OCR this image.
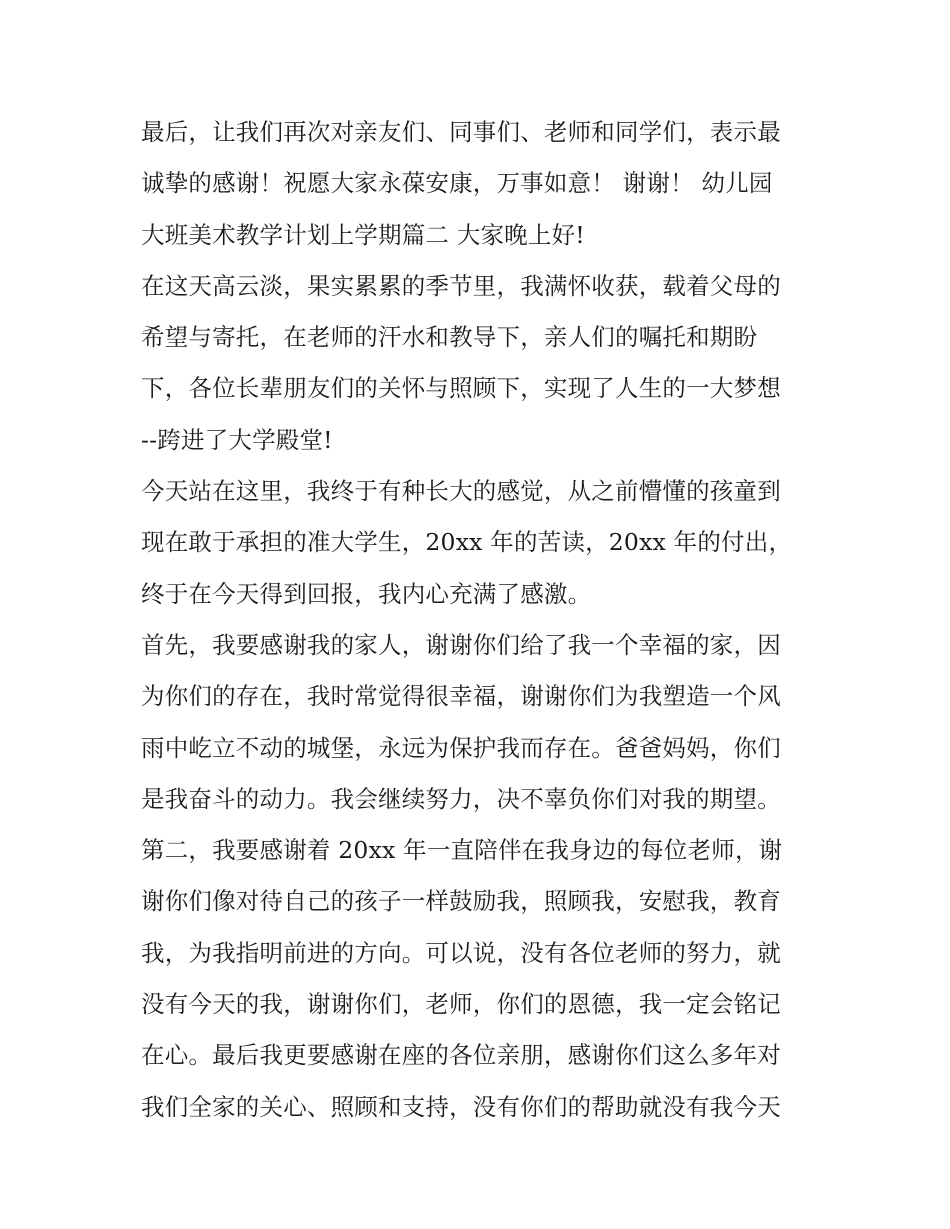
最后，让我们再次对亲友们、同事们、老师和同学们，表示最
诚挚的感谢！祝愿大家永葆安康，万事如意！ 谢谢！ 幼儿园
大班美术教学计划上学期篇二 大家晚上好!
在这天高云淡，果实累累的季节里，我满怀收获，载着父母的
希望与寄托，在老师的汗水和教导下，亲人们的嘱托和期盼
下，各位长辈朋友们的关怀与照顾下，实现了人生的一大梦想
--跨进了大学殿堂!
今天站在这里，我终于有种长大的感觉，从之前懵懂的孩童到
现在敢于承担的准大学生，20xx 年的苦读，20xx 年的付出，
终于在今天得到回报，我内心充满了感激。
首先，我要感谢我的家人，谢谢你们给了我一个幸福的家，因
为你们的存在，我时常觉得很幸福，谢谢你们为我塑造一个风
雨中屹立不动的城堡，永远为保护我而存在。爸爸妈妈，你们
是我奋斗的动力。我会继续努力，决不辜负你们对我的期望。
第二，我要感谢着 20xx 年一直陪伴在我身边的每位老师，谢
谢你们像对待自己的孩子一样鼓励我，照顾我，安慰我，教育
我，为我指明前进的方向。可以说，没有各位老师的努力，就
没有今天的我，谢谢你们，老师，你们的恩德，我一定会铭记
在心。最后我更要感谢在座的各位亲朋，感谢你们这么多年对
我们全家的关心、照顾和支持，没有你们的帮助就没有我今天
